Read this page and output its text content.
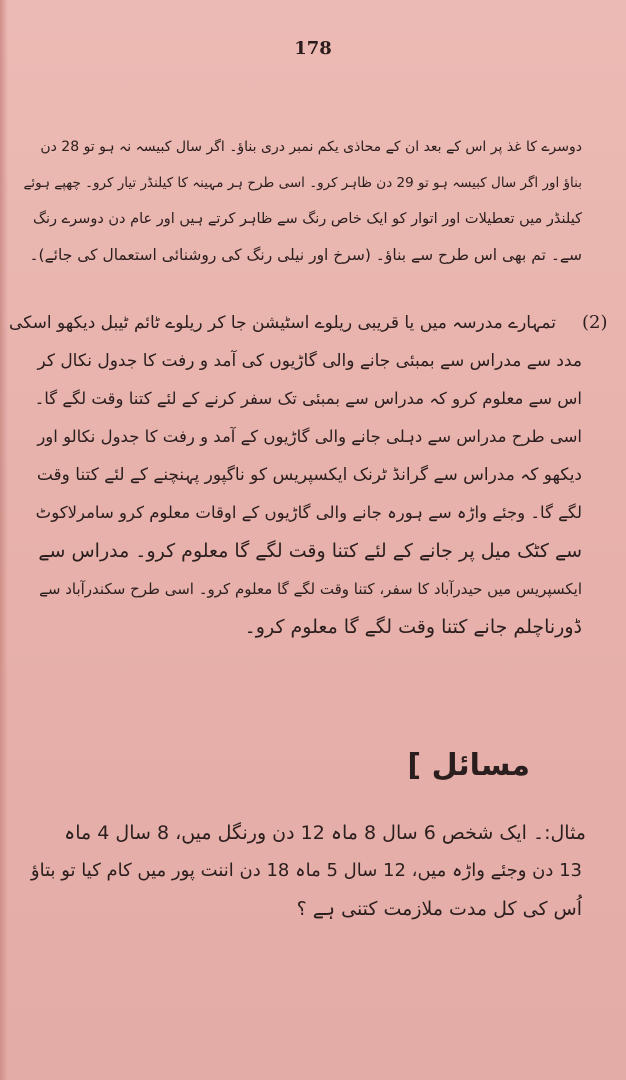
178
دوسرے کا غذ پر اس کے بعد ان کے محاذی یکم نمبر دری بناؤ۔ اگر سال کبیسہ نہ ہو تو 28 دن
بناؤ اور اگر سال کبیسہ ہو تو 29 دن ظاہر کرو۔ اسی طرح ہر مہینہ کا کیلنڈر تیار کرو۔ چھپے ہوئے
کیلنڈر میں تعطیلات اور اتوار کو ایک خاص رنگ سے ظاہر کرتے ہیں اور عام دن دوسرے رنگ
سے۔ تم بھی اس طرح سے بناؤ۔ (سرخ اور نیلی رنگ کی روشنائی استعمال کی جائے)۔
(2)
تمہارے مدرسہ میں یا قریبی ریلوے اسٹیشن جا کر ریلوے ٹائم ٹیبل دیکھو اسکی
مدد سے مدراس سے بمبئی جانے والی گاڑیوں کی آمد و رفت کا جدول نکال کر
اس سے معلوم کرو کہ مدراس سے بمبئی تک سفر کرنے کے لئے کتنا وقت لگے گا۔
اسی طرح مدراس سے دہلی جانے والی گاڑیوں کے آمد و رفت کا جدول نکالو اور
دیکھو کہ مدراس سے گرانڈ ٹرنک ایکسپریس کو ناگپور پہنچنے کے لئے کتنا وقت
لگے گا۔ وجئے واڑہ سے ہورہ جانے والی گاڑیوں کے اوقات معلوم کرو سامرلاکوٹ
سے کٹک میل پر جانے کے لئے کتنا وقت لگے گا معلوم کرو۔ مدراس سے
ایکسپریس میں حیدرآباد کا سفر، کتنا وقت لگے گا معلوم کرو۔ اسی طرح سکندرآباد سے
ڈورناچلم جانے کتنا وقت لگے گا معلوم کرو۔
مسائل ]
مثال:۔ ایک شخص 6 سال 8 ماہ 12 دن ورنگل میں، 8 سال 4 ماہ
13 دن وجئے واڑہ میں، 12 سال 5 ماہ 18 دن اننت پور میں کام کیا تو بتاؤ
اُس کی کل مدت ملازمت کتنی ہے ؟
